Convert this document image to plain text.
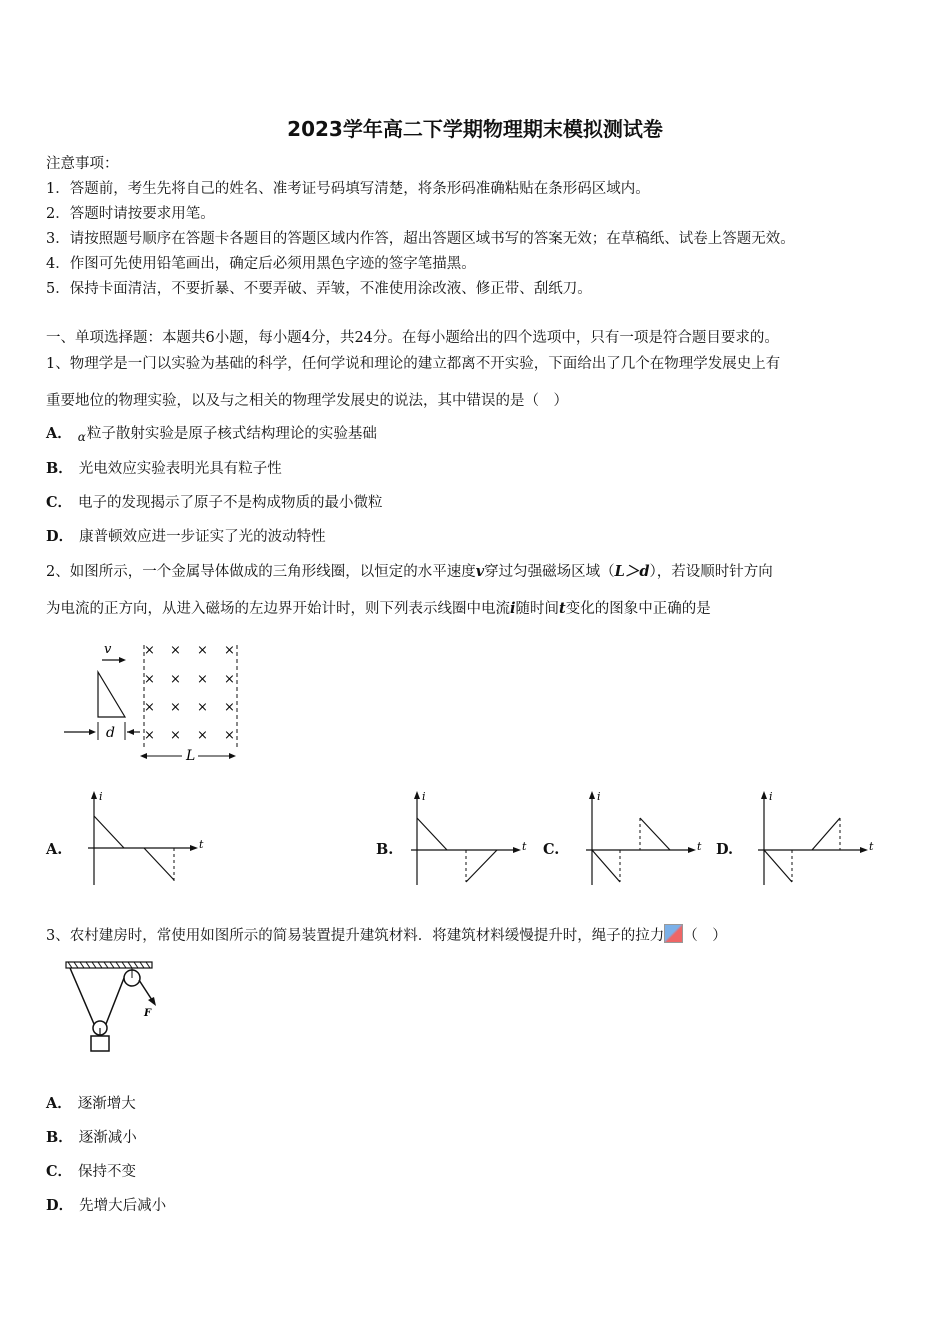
2023学年高二下学期物理期末模拟测试卷
注意事项：
1．答题前，考生先将自己的姓名、准考证号码填写清楚，将条形码准确粘贴在条形码区域内。
2．答题时请按要求用笔。
3．请按照题号顺序在答题卡各题目的答题区域内作答，超出答题区域书写的答案无效；在草稿纸、试卷上答题无效。
4．作图可先使用铅笔画出，确定后必须用黑色字迹的签字笔描黑。
5．保持卡面清洁，不要折暴、不要弄破、弄皱，不准使用涂改液、修正带、刮纸刀。
一、单项选择题：本题共6小题，每小题4分，共24分。在每小题给出的四个选项中，只有一项是符合题目要求的。
1、物理学是一门以实验为基础的科学，任何学说和理论的建立都离不开实验，下面给出了几个在物理学发展史上有
重要地位的物理实验，以及与之相关的物理学发展史的说法，其中错误的是（　）
A． $_\alpha$粒子散射实验是原子核式结构理论的实验基础
B． 光电效应实验表明光具有粒子性
C． 电子的发现揭示了原子不是构成物质的最小微粒
D． 康普顿效应进一步证实了光的波动特性
2、如图所示，一个金属导体做成的三角形线圈，以恒定的水平速度v穿过匀强磁场区域（L＞d），若设顺时针方向
为电流的正方向，从进入磁场的左边界开始计时，则下列表示线圈中电流i随时间t变化的图象中正确的是
v	× × × ×
× × × ×
× × × ×
× × × ×
d
L
A.
i
t	B.
i
t C.
i
t D.
i
t
3、农村建房时，常使用如图所示的简易装置提升建筑材料．将建筑材料缓慢提升时，绳子的拉力 （　）
F
A． 逐渐增大
B． 逐渐减小
C． 保持不变
D． 先增大后减小
